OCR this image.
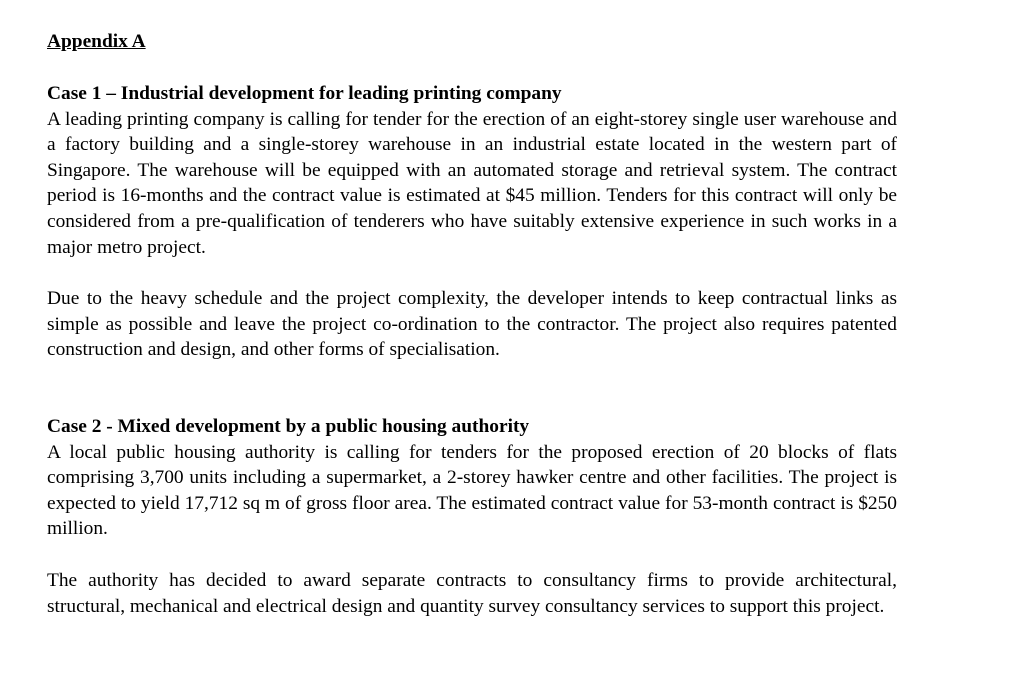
Appendix A
Case 1 – Industrial development for leading printing company

A leading printing company is calling for tender for the erection of an eight-storey single user warehouse and a factory building and a single-storey warehouse in an industrial estate located in the western part of Singapore. The warehouse will be equipped with an automated storage and retrieval system. The contract period is 16-months and the contract value is estimated at $45 million. Tenders for this contract will only be considered from a pre-qualification of tenderers who have suitably extensive experience in such works in a major metro project.

Due to the heavy schedule and the project complexity, the developer intends to keep contractual links as simple as possible and leave the project co-ordination to the contractor. The project also requires patented construction and design, and other forms of specialisation.

Case 2 - Mixed development by a public housing authority

A local public housing authority is calling for tenders for the proposed erection of 20 blocks of flats comprising 3,700 units including a supermarket, a 2-storey hawker centre and other facilities. The project is expected to yield 17,712 sq m of gross floor area. The estimated contract value for 53-month contract is $250 million.

The authority has decided to award separate contracts to consultancy firms to provide architectural, structural, mechanical and electrical design and quantity survey consultancy services to support this project.
